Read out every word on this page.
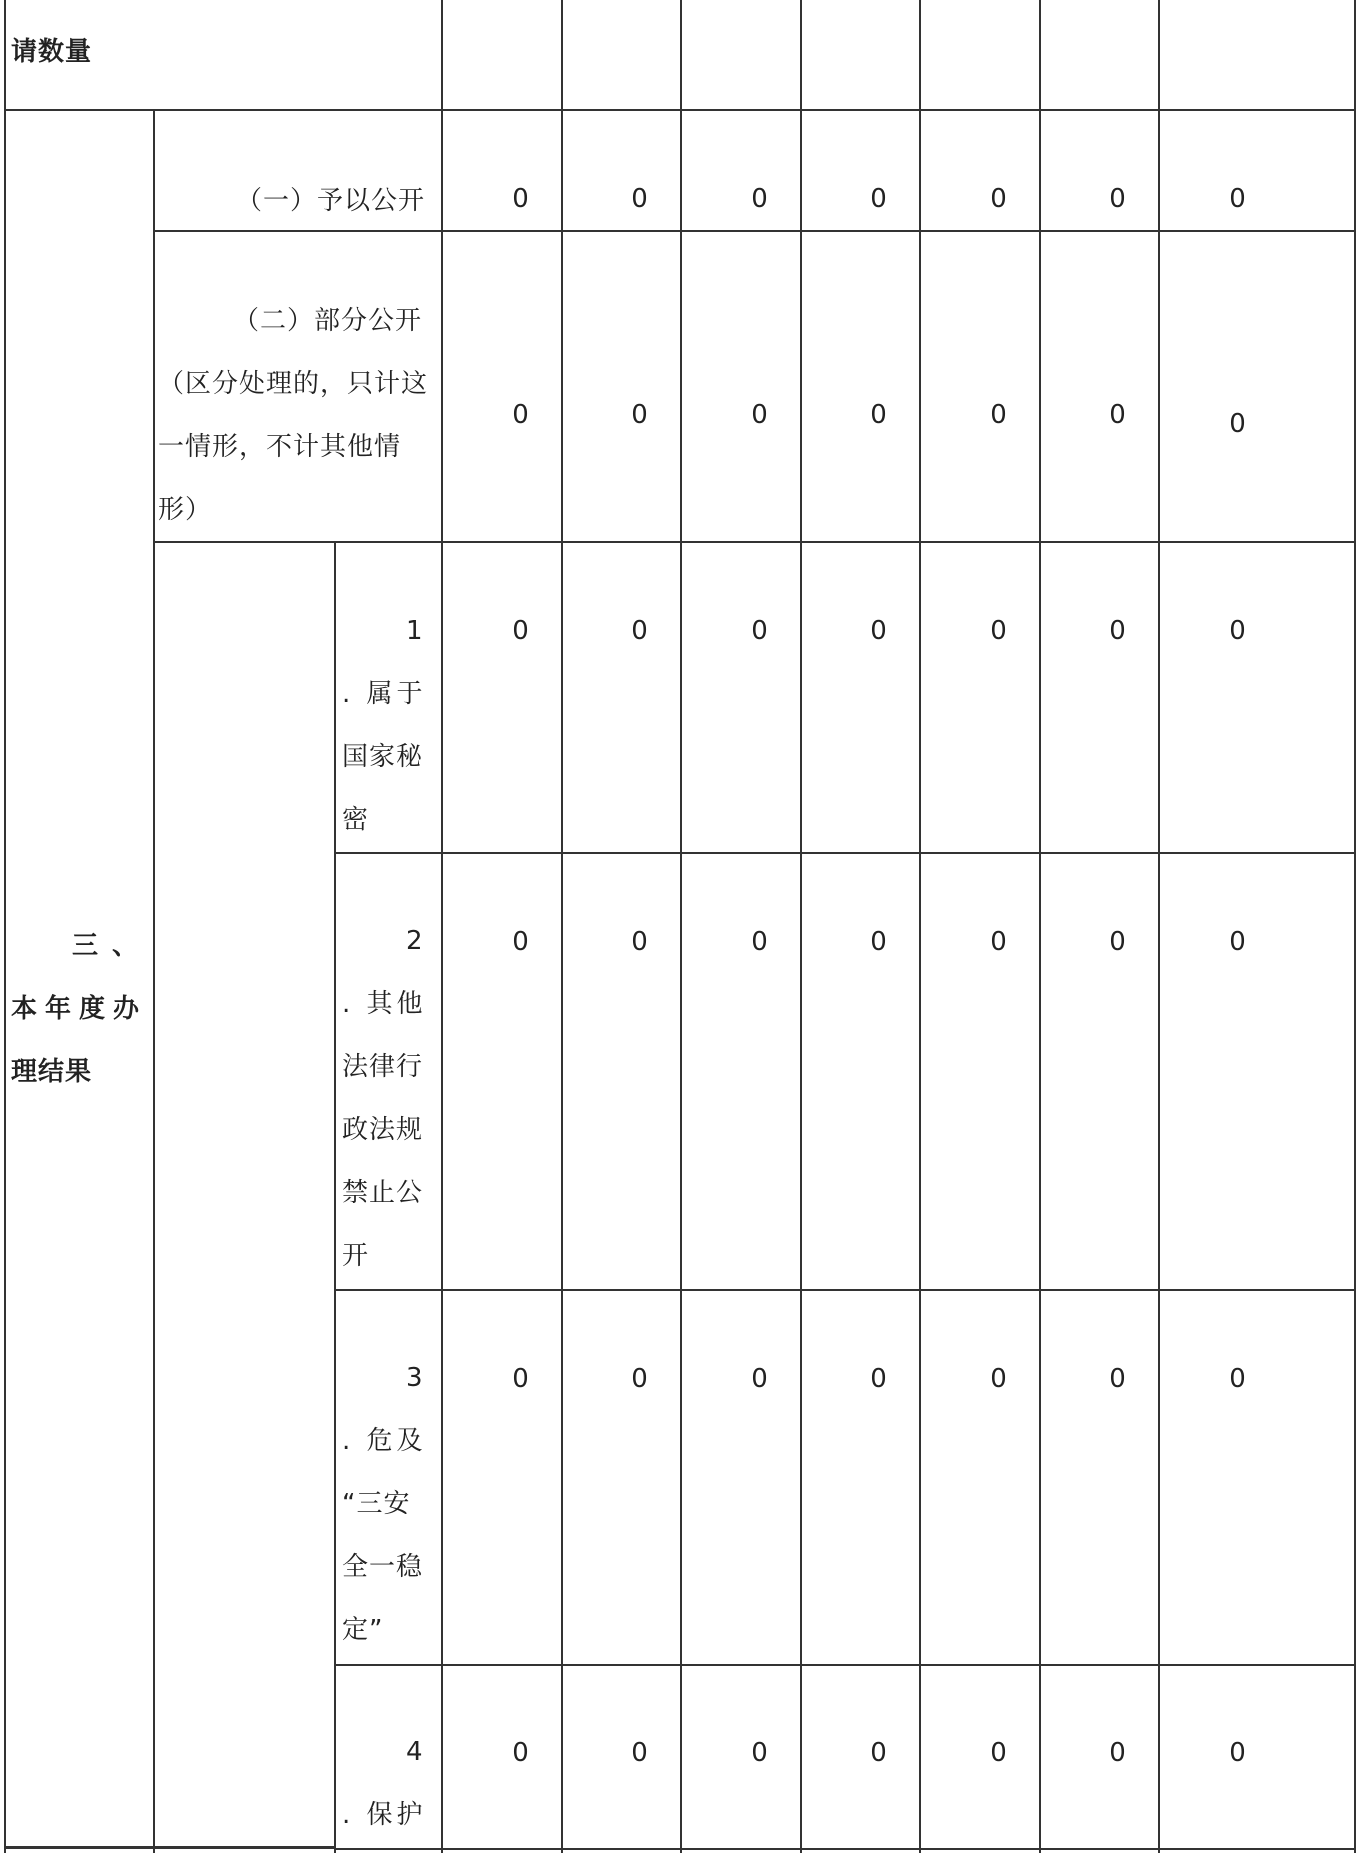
请数量
三、
本年度办
理结果
（一）予以公开	0	0	0	0	0	0	0
（二）部分公开
（区分处理的，只计这
一情形，不计其他情
形）
0	0	0	0	0	0	0
1
. 属于
国家秘
密
0	0	0	0	0	0	0
2
. 其他
法律行
政法规
禁止公
开
0	0	0	0	0	0	0
3
. 危及
“三安
全一稳
定”
0	0	0	0	0	0	0
4
. 保护
0	0	0	0	0	0	0
